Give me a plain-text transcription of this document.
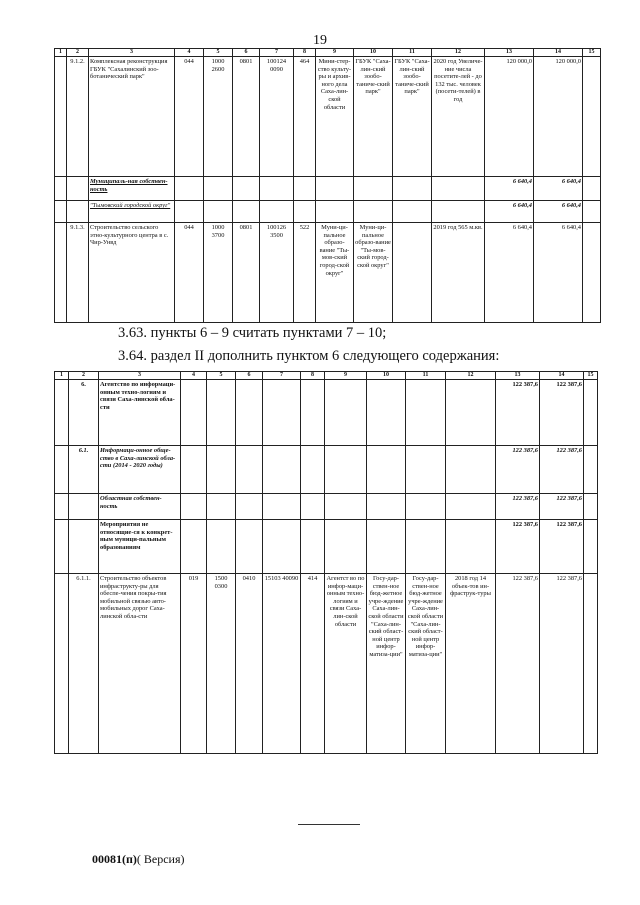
19
1	2	3	4	5	6	7	8	9	10	11	12	13	14	15
	9.1.2.	Комплексная реконструкция ГБУК "Сахалинский зоо-ботанический парк"	044	1000 2600	0801	100124 0090	464	Мини-стер-ство культу-ры и архив-ного дела Саха-лин-ской области	ГБУК "Саха-лин-ский зообо-таниче-ский парк"	ГБУК "Саха-лин-ский зообо-таниче-ский парк"	2020 год Увеличе-ние числа посетите-лей - до 132 тыс. человек (посети-телей) в год	120 000,0	120 000,0	
		Муниципаль-ная собствен-ность										6 640,4	6 640,4	
		"Тымовский городской округ"										6 640,4	6 640,4	
	9.1.3.	Строительство сельского этно-культурного центра в с. Чир-Унвд	044	1000 3700	0801	100126 3500	522	Муни-ци-пальное образо-вание "Ты-мов-ский город-ской округ"	Муни-ци-пальное образо-вание "Ты-мов-ский город-ской округ"		2019 год 565 м.кв.	6 640,4	6 640,4	
3.63. пункты 6 – 9 считать пунктами 7 – 10;
3.64. раздел II дополнить пунктом 6 следующего содержания:
1	2	3	4	5	6	7	8	9	10	11	12	13	14	15
	6.	Агентство по информаци-онным техно-логиям и связи Саха-линской обла-сти										122 387,6	122 387,6	
	6.1.	Информаци-онное обще-ство в Саха-линской обла-сти (2014 - 2020 годы)										122 387,6	122 387,6	
		Областная собствен-ность										122 387,6	122 387,6	
		Мероприятия не относящие-ся к конкрет-ным муници-пальным образованиям										122 387,6	122 387,6	
	6.1.1.	Строительство объектов инфраструкту-ры для обеспе-чения покры-тия мобильной связью авто-мобильных дорог Саха-линской обла-сти	019	1500 0300	0410	15103 40090	414	Агентст во по инфор-маци-онным техно-логиям и связи Саха-лин-ской области	Госу-дар-ствен-ное бюд-жетное учре-ждение Саха-лин-ской области "Саха-лин-ский област-ной центр инфор-матиза-ции"	Госу-дар-ствен-ное бюд-жетное учре-ждение Саха-лин-ской области "Саха-лин-ский област-ной центр инфор-матиза-ции"	2018 год 14 объек-тов ин-фраструк-туры	122 387,6	122 387,6	
00081(п)( Версия)
